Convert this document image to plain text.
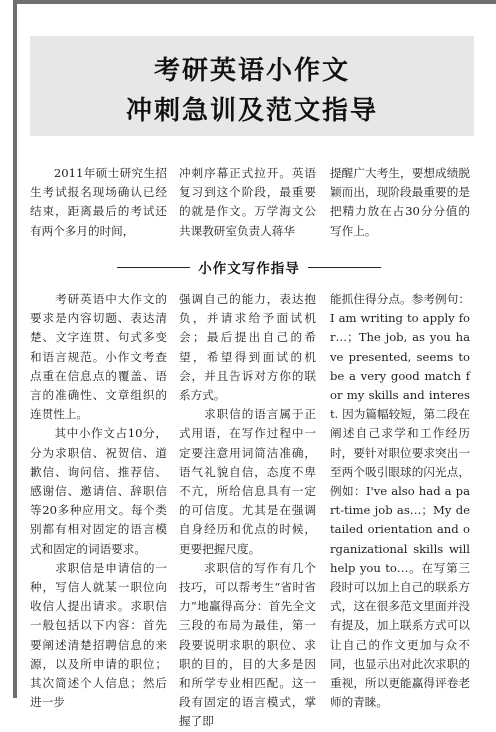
考研英语小作文
冲刺急训及范文指导
　　2011年硕士研究生招生考试报名现场确认已经结束，距离最后的考试还有两个多月的时间，
冲刺序幕正式拉开。英语复习到这个阶段，最重要的就是作文。万学海文公共课教研室负责人蒋华
提醒广大考生，要想成绩脱颖而出，现阶段最重要的是把精力放在占30分分值的写作上。
小作文写作指导
　　考研英语中大作文的要求是内容切题、表达清楚、文字连贯、句式多变和语言规范。小作文考查点重在信息点的覆盖、语言的准确性、文章组织的连贯性上。
　　其中小作文占10分，分为求职信、祝贺信、道歉信、询问信、推荐信、感谢信、邀请信、辞职信等20多种应用文。每个类别都有相对固定的语言模式和固定的词语要求。
　　求职信是申请信的一种，写信人就某一职位向收信人提出请求。求职信一般包括以下内容：首先要阐述清楚招聘信息的来源，以及所申请的职位；其次简述个人信息；然后进一步
强调自己的能力，表达抱负，并请求给予面试机会；最后提出自己的希望，希望得到面试的机会，并且告诉对方你的联系方式。
　　求职信的语言属于正式用语，在写作过程中一定要注意用词简洁准确，语气礼貌自信，态度不卑不亢，所给信息具有一定的可信度。尤其是在强调自身经历和优点的时候，更要把握尺度。
　　求职信的写作有几个技巧，可以帮考生“省时省力”地赢得高分：首先全文三段的布局为最佳，第一段要说明求职的职位、求职的目的，目的大多是因和所学专业相匹配。这一段有固定的语言模式，掌握了即
能抓住得分点。参考例句：I am writing to apply for…；The job, as you have presented, seems to be a very good match for my skills and interest. 因为篇幅较短，第二段在阐述自己求学和工作经历时，要针对职位要求突出一至两个吸引眼球的闪光点，例如：I've also had a part-time job as…；My detailed orientation and organizational skills will help you to…。在写第三段时可以加上自己的联系方式，这在很多范文里面并没有提及，加上联系方式可以让自己的作文更加与众不同，也显示出对此次求职的重视，所以更能赢得评卷老师的青睐。
